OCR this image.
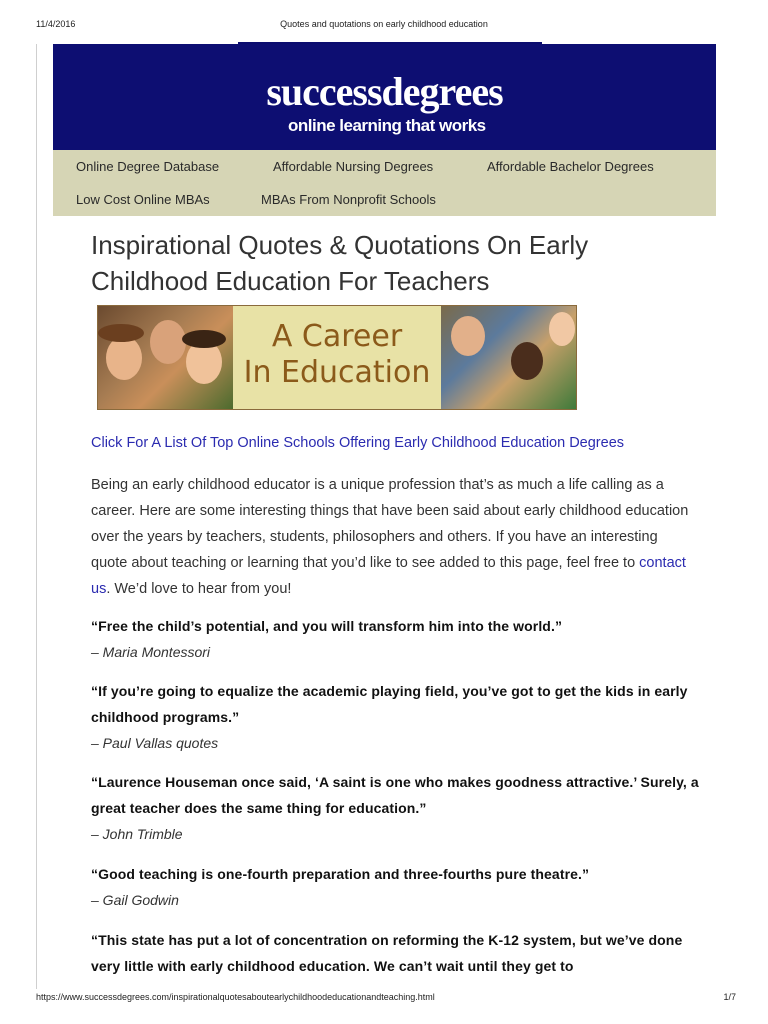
11/4/2016	Quotes and quotations on early childhood education
successdegrees
online learning that works
Online Degree Database	Affordable Nursing Degrees	Affordable Bachelor Degrees
Low Cost Online MBAs	MBAs From Nonprofit Schools
Inspirational Quotes & Quotations On Early Childhood Education For Teachers
A Career
In Education
Click For A List Of Top Online Schools Offering Early Childhood Education Degrees

Being an early childhood educator is a unique profession that’s as much a life calling as a career. Here are some interesting things that have been said about early childhood education over the years by teachers, students, philosophers and others. If you have an interesting quote about teaching or learning that you’d like to see added to this page, feel free to contact us. We’d love to hear from you!

“Free the child’s potential, and you will transform him into the world.”

– Maria Montessori

“If you’re going to equalize the academic playing field, you’ve got to get the kids in early childhood programs.”

– Paul Vallas quotes

“Laurence Houseman once said, ‘A saint is one who makes goodness attractive.’ Surely, a great teacher does the same thing for education.”

– John Trimble

“Good teaching is one-fourth preparation and three-fourths pure theatre.”

– Gail Godwin

“This state has put a lot of concentration on reforming the K-12 system, but we’ve done very little with early childhood education. We can’t wait until they get to

https://www.successdegrees.com/inspirationalquotesaboutearlychildhoodeducationandteaching.html	1/7
